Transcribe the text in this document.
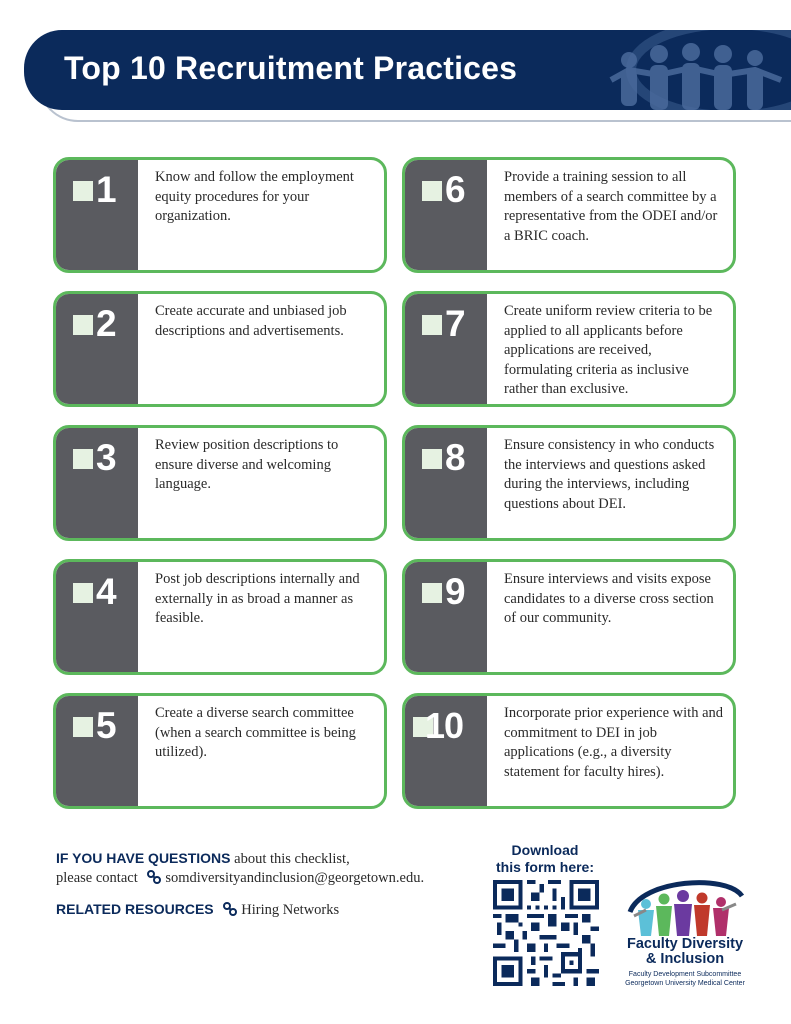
Top 10 Recruitment Practices
1	Know and follow the employment equity procedures for your organization.
2	Create accurate and unbiased job descriptions and advertisements.
3	Review position descriptions to ensure diverse and welcoming language.
4	Post job descriptions internally and externally in as broad a manner as feasible.
5	Create a diverse search committee (when a search committee is being utilized).
6	Provide a training session to all members of a search committee by a representative from the ODEI and/or a BRIC coach.
7	Create uniform review criteria to be applied to all applicants before applications are received, formulating criteria as inclusive rather than exclusive.
8	Ensure consistency in who conducts the interviews and questions asked during the interviews, including questions about DEI.
9	Ensure interviews and visits expose candidates to a diverse cross section of our community.
10	Incorporate prior experience with and commitment to DEI in job applications (e.g., a diversity statement for faculty hires).
IF YOU HAVE QUESTIONS about this checklist,
please contact somdiversityandinclusion@georgetown.edu.
RELATED RESOURCES Hiring Networks
Download
this form here:
Faculty Diversity
& Inclusion
Faculty Development Subcommittee
Georgetown University Medical Center
